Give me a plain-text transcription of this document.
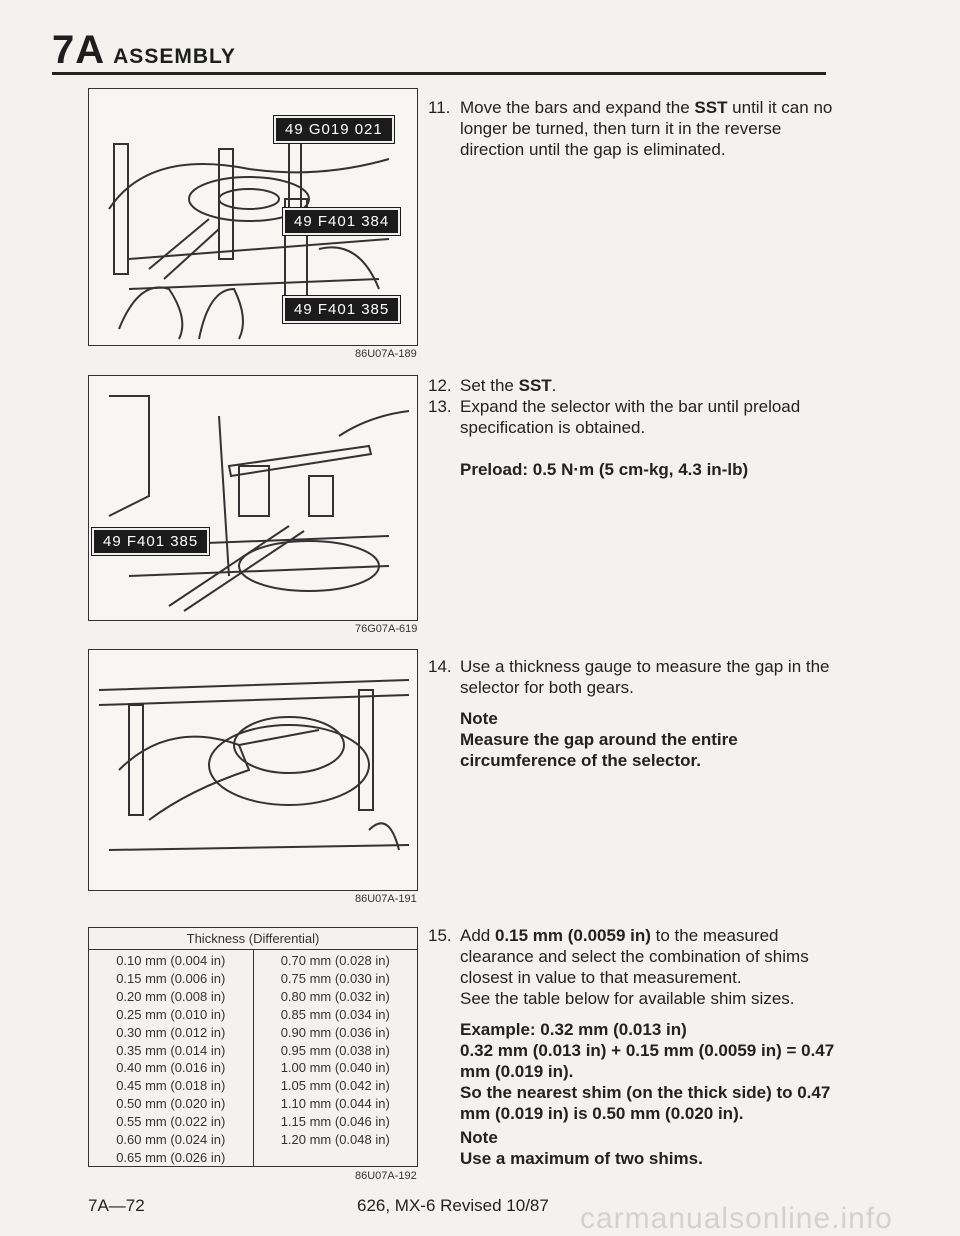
7A ASSEMBLY
49 G019 021
49 F401 384
49 F401 385
86U07A-189
49 F401 385
76G07A-619
86U07A-191
Thickness (Differential)	
0.10 mm (0.004 in)	0.70 mm (0.028 in)
0.15 mm (0.006 in)	0.75 mm (0.030 in)
0.20 mm (0.008 in)	0.80 mm (0.032 in)
0.25 mm (0.010 in)	0.85 mm (0.034 in)
0.30 mm (0.012 in)	0.90 mm (0.036 in)
0.35 mm (0.014 in)	0.95 mm (0.038 in)
0.40 mm (0.016 in)	1.00 mm (0.040 in)
0.45 mm (0.018 in)	1.05 mm (0.042 in)
0.50 mm (0.020 in)	1.10 mm (0.044 in)
0.55 mm (0.022 in)	1.15 mm (0.046 in)
0.60 mm (0.024 in)	1.20 mm (0.048 in)
0.65 mm (0.026 in)	
86U07A-192
11. Move the bars and expand the SST until it can no longer be turned, then turn it in the reverse direction until the gap is eliminated.
12. Set the SST.
13. Expand the selector with the bar until preload specification is obtained.
Preload: 0.5 N·m (5 cm-kg, 4.3 in-lb)
14. Use a thickness gauge to measure the gap in the selector for both gears.
Note
Measure the gap around the entire circumference of the selector.
15. Add 0.15 mm (0.0059 in) to the measured clearance and select the combination of shims closest in value to that measurement.
See the table below for available shim sizes.
Example: 0.32 mm (0.013 in)
0.32 mm (0.013 in) + 0.15 mm (0.0059 in) = 0.47 mm (0.019 in).
So the nearest shim (on the thick side) to 0.47 mm (0.019 in) is 0.50 mm (0.020 in).
Note
Use a maximum of two shims.
7A—72	626, MX-6 Revised 10/87 carmanualsonline.info
